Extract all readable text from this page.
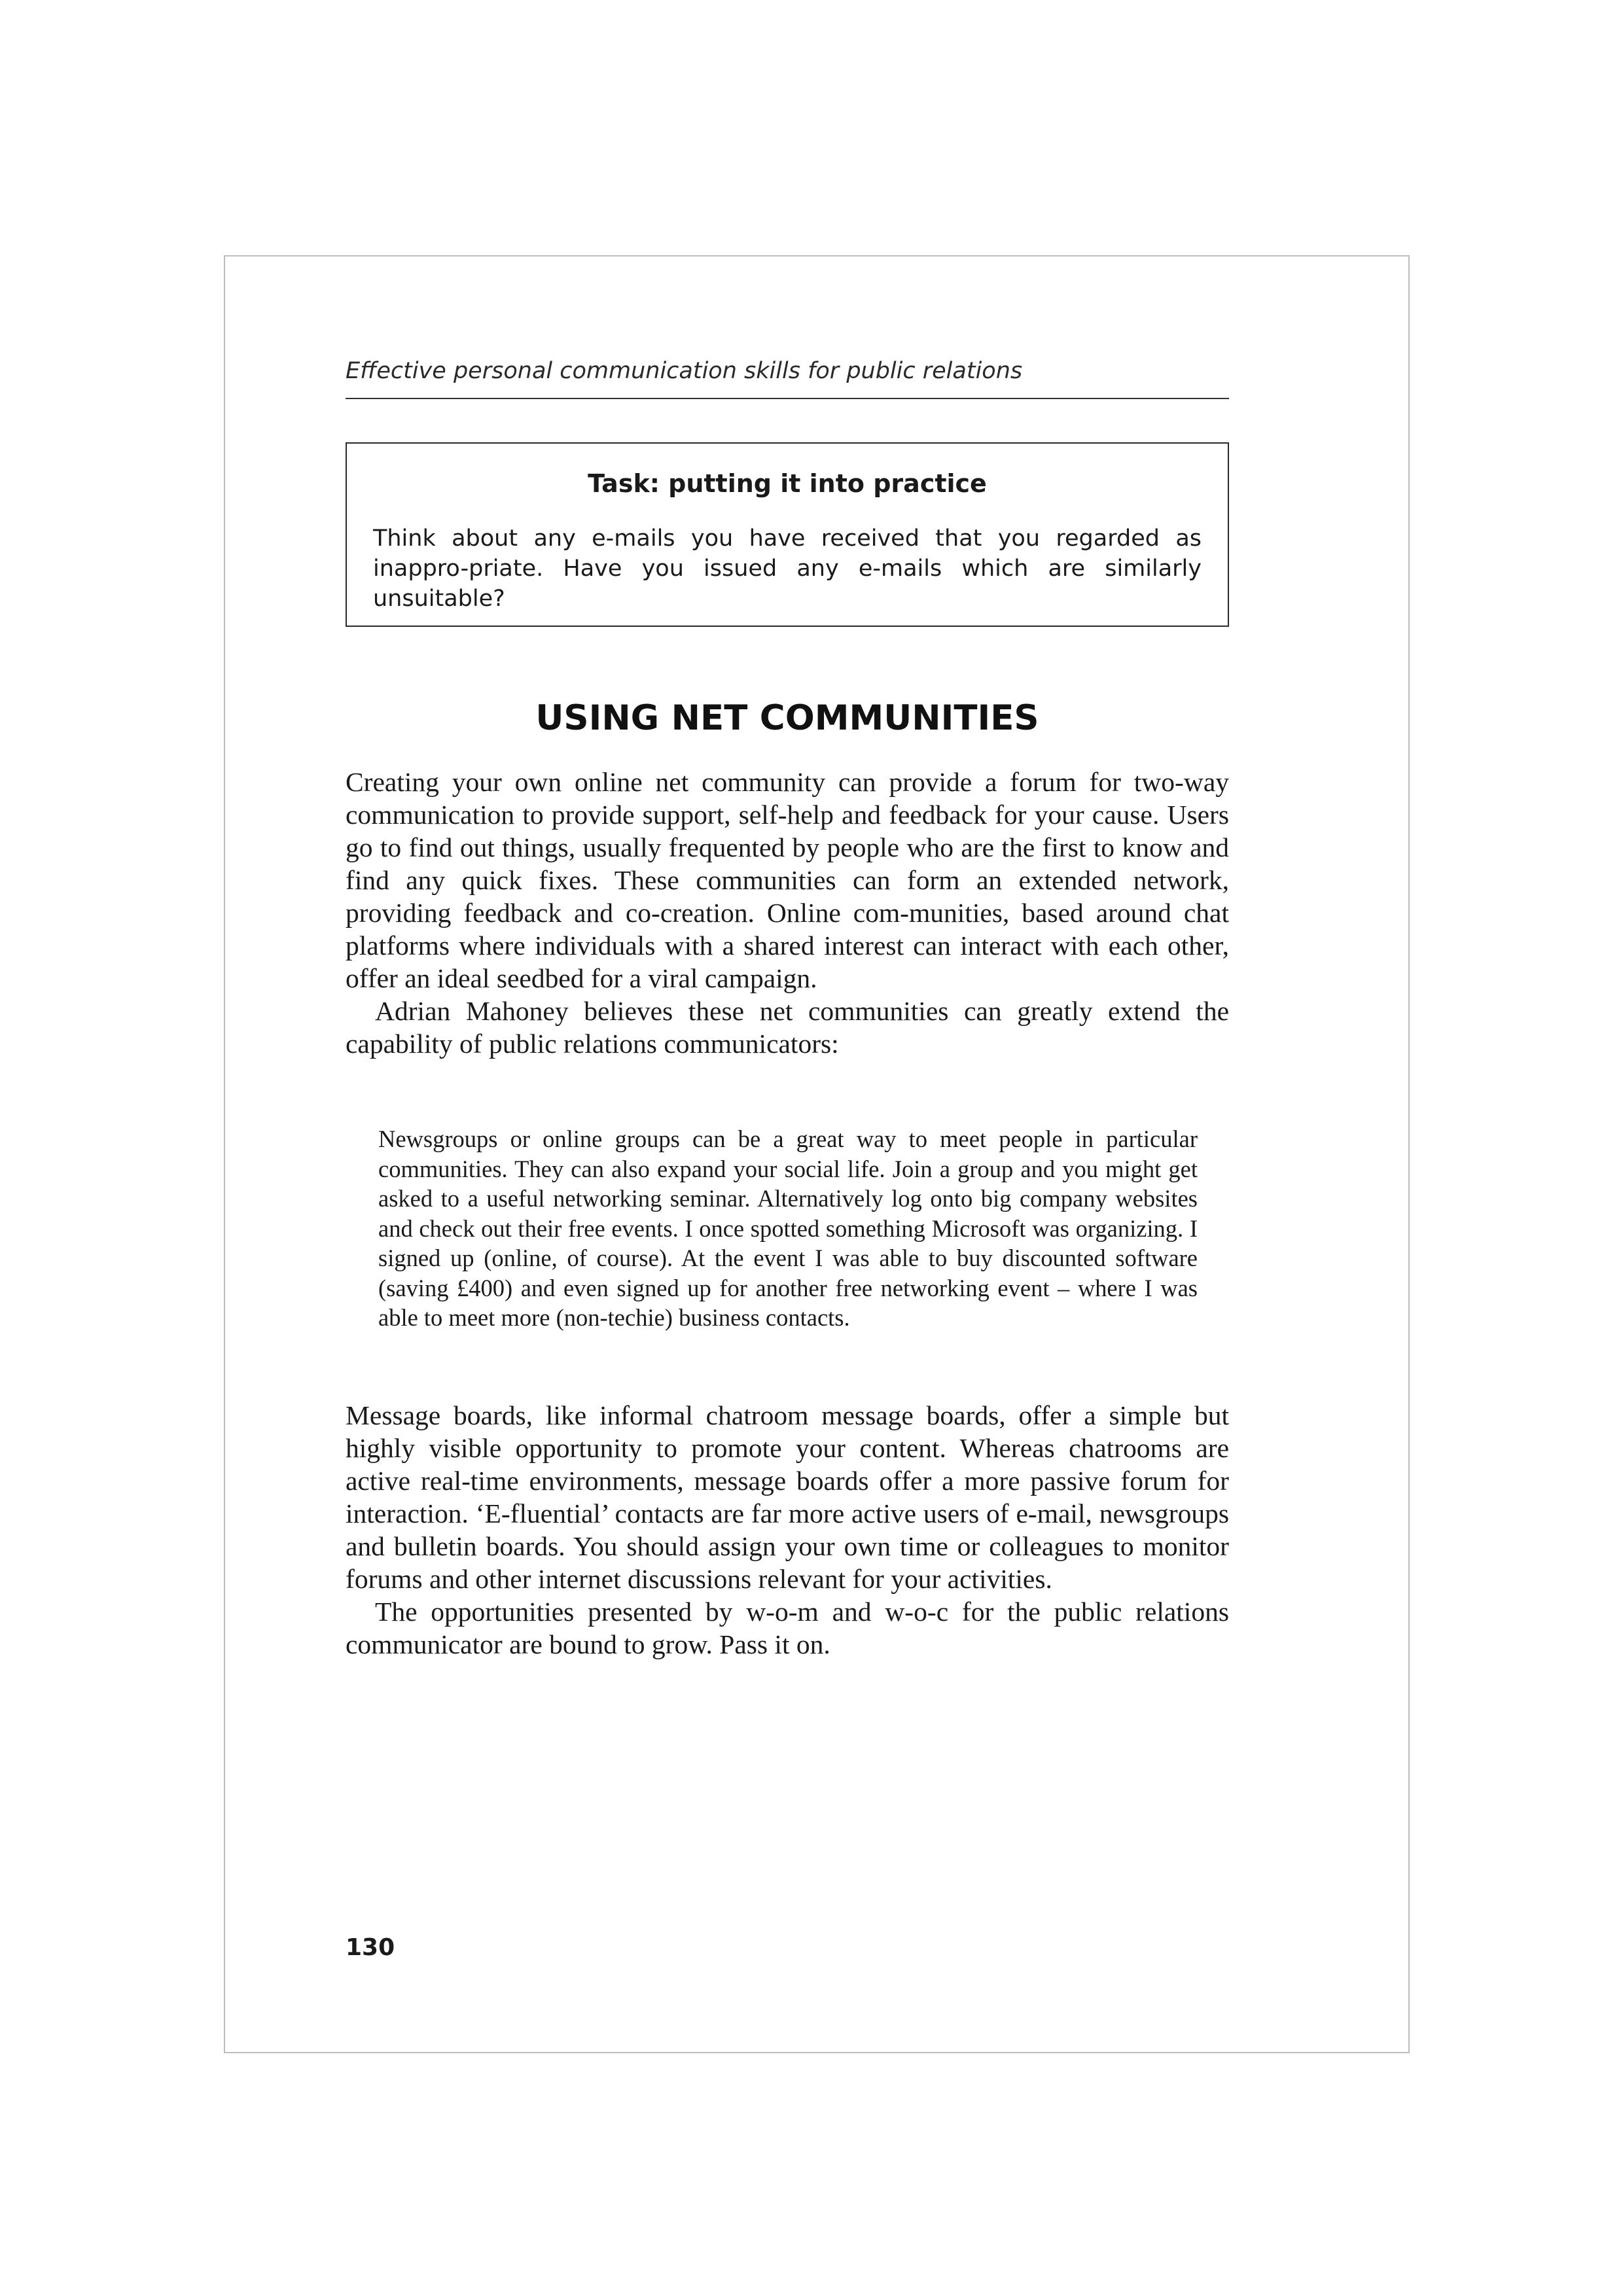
Effective personal communication skills for public relations
Task: putting it into practice
Think about any e-mails you have received that you regarded as inappro-priate. Have you issued any e-mails which are similarly unsuitable?
USING NET COMMUNITIES

Creating your own online net community can provide a forum for two-way communication to provide support, self-help and feedback for your cause. Users go to find out things, usually frequented by people who are the first to know and find any quick fixes. These communities can form an extended network, providing feedback and co-creation. Online com-munities, based around chat platforms where individuals with a shared interest can interact with each other, offer an ideal seedbed for a viral campaign.

Adrian Mahoney believes these net communities can greatly extend the capability of public relations communicators:

Newsgroups or online groups can be a great way to meet people in particular communities. They can also expand your social life. Join a group and you might get asked to a useful networking seminar. Alternatively log onto big company websites and check out their free events. I once spotted something Microsoft was organizing. I signed up (online, of course). At the event I was able to buy discounted software (saving £400) and even signed up for another free networking event – where I was able to meet more (non-techie) business contacts.

Message boards, like informal chatroom message boards, offer a simple but highly visible opportunity to promote your content. Whereas chatrooms are active real-time environments, message boards offer a more passive forum for interaction. ‘E-fluential’ contacts are far more active users of e-mail, newsgroups and bulletin boards. You should assign your own time or colleagues to monitor forums and other internet discussions relevant for your activities.

The opportunities presented by w-o-m and w-o-c for the public relations communicator are bound to grow. Pass it on.

130
